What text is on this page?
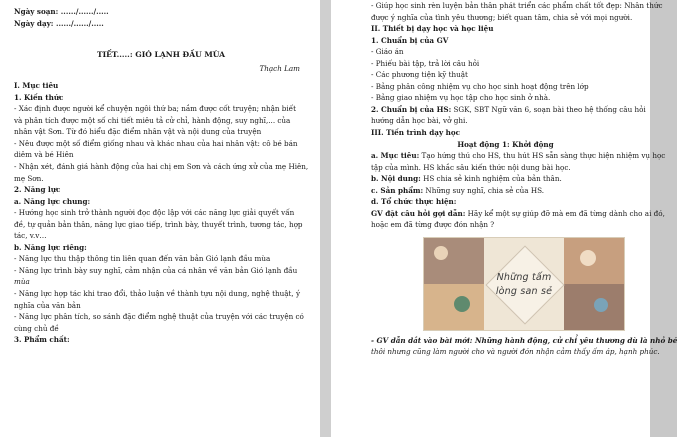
Ngày soạn: ....../....../.....
Ngày dạy: ....../....../.....
TIẾT.....: GIÓ LẠNH ĐẦU MÙA
Thạch Lam
I. Mục tiêu
1. Kiến thức
- Xác định được người kể chuyện ngôi thứ ba; nắm được cốt truyện; nhận biết
và phân tích được một số chi tiết miêu tả cử chỉ, hành động, suy nghĩ,... của
nhân vật Sơn. Từ đó hiểu đặc điểm nhân vật và nội dung của truyện
- Nêu được một số điểm giống nhau và khác nhau của hai nhân vật: cô bé bán
diêm và bé Hiên
- Nhận xét, đánh giá hành động của hai chị em Sơn và cách ứng xử của mẹ Hiên,
mẹ Sơn.
2. Năng lực
a. Năng lực chung:
- Hướng học sinh trở thành người đọc độc lập với các năng lực giải quyết vấn
đề, tự quản bản thân, năng lực giao tiếp, trình bày, thuyết trình, tương tác, hợp
tác, v.v…
b. Năng lực riêng:
- Năng lực thu thập thông tin liên quan đến văn bản Gió lạnh đầu mùa
- Năng lực trình bày suy nghĩ, cảm nhận của cá nhân về văn bản Gió lạnh đầu
mùa
- Năng lực hợp tác khi trao đổi, thảo luận về thành tựu nội dung, nghệ thuật, ý
nghĩa của văn bản
- Năng lực phân tích, so sánh đặc điểm nghệ thuật của truyện với các truyện có
cùng chủ đề
3. Phẩm chất:
- Giúp học sinh rèn luyện bản thân phát triển các phẩm chất tốt đẹp: Nhân thức
được ý nghĩa của tình yêu thương; biết quan tâm, chia sẻ với mọi người.
II. Thiết bị dạy học và học liệu
1. Chuẩn bị của GV
- Giáo án
- Phiếu bài tập, trả lời câu hỏi
- Các phương tiện kỹ thuật
- Bảng phân công nhiệm vụ cho học sinh hoạt động trên lớp
- Bảng giao nhiệm vụ học tập cho học sinh ở nhà.
2. Chuẩn bị của HS: SGK, SBT Ngữ văn 6, soạn bài theo hệ thống câu hỏi
hướng dẫn học bài, vở ghi.
III. Tiến trình dạy học
Hoạt động 1: Khởi động
a. Mục tiêu: Tạo hứng thú cho HS, thu hút HS sẵn sàng thực hiện nhiệm vụ học
tập của mình. HS khắc sâu kiến thức nội dung bài học.
b. Nội dung: HS chia sẻ kinh nghiệm của bản thân.
c. Sản phẩm: Những suy nghĩ, chia sẻ của HS.
d. Tổ chức thực hiện:
GV đặt câu hỏi gợi dẫn: Hãy kể một sự giúp đỡ mà em đã từng dành cho ai đó,
hoặc em đã từng được đón nhận ?
Những tấm
lòng san sẻ
- GV dẫn dắt vào bài mới: Những hành động, cử chỉ yêu thương dù là nhỏ bé
thôi nhưng cũng làm người cho và người đón nhận cảm thấy ấm áp, hạnh phúc.
